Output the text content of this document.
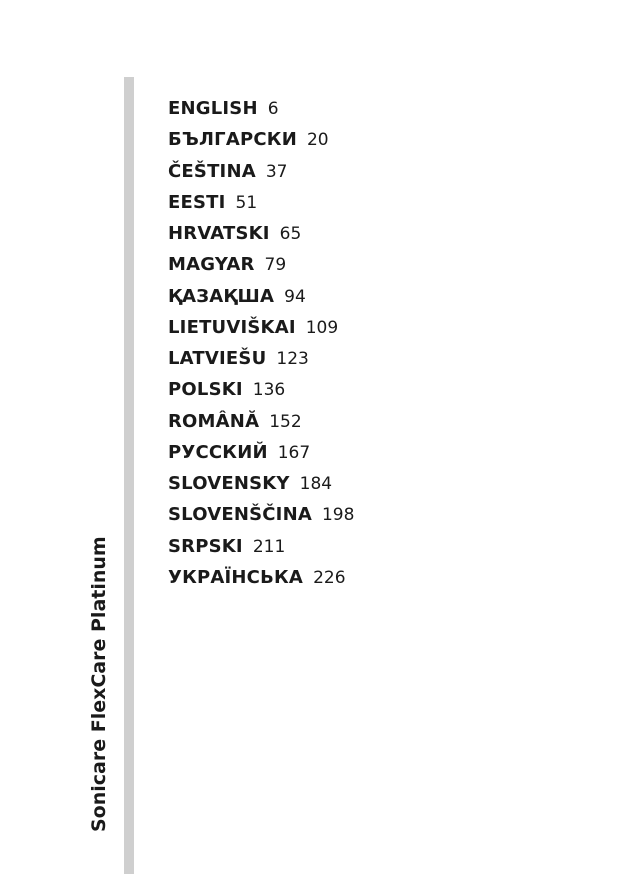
Sonicare FlexCare Platinum
ENGLISH 6
БЪЛГАРСКИ 20
ČEŠTINA 37
EESTI 51
HRVATSKI 65
MAGYAR 79
ҚАЗАҚША 94
LIETUVIŠKAI 109
LATVIEŠU 123
POLSKI 136
ROMÂNĂ 152
РУССКИЙ 167
SLOVENSKY 184
SLOVENŠČINA 198
SRPSKI 211
УКРАЇНСЬКА 226
